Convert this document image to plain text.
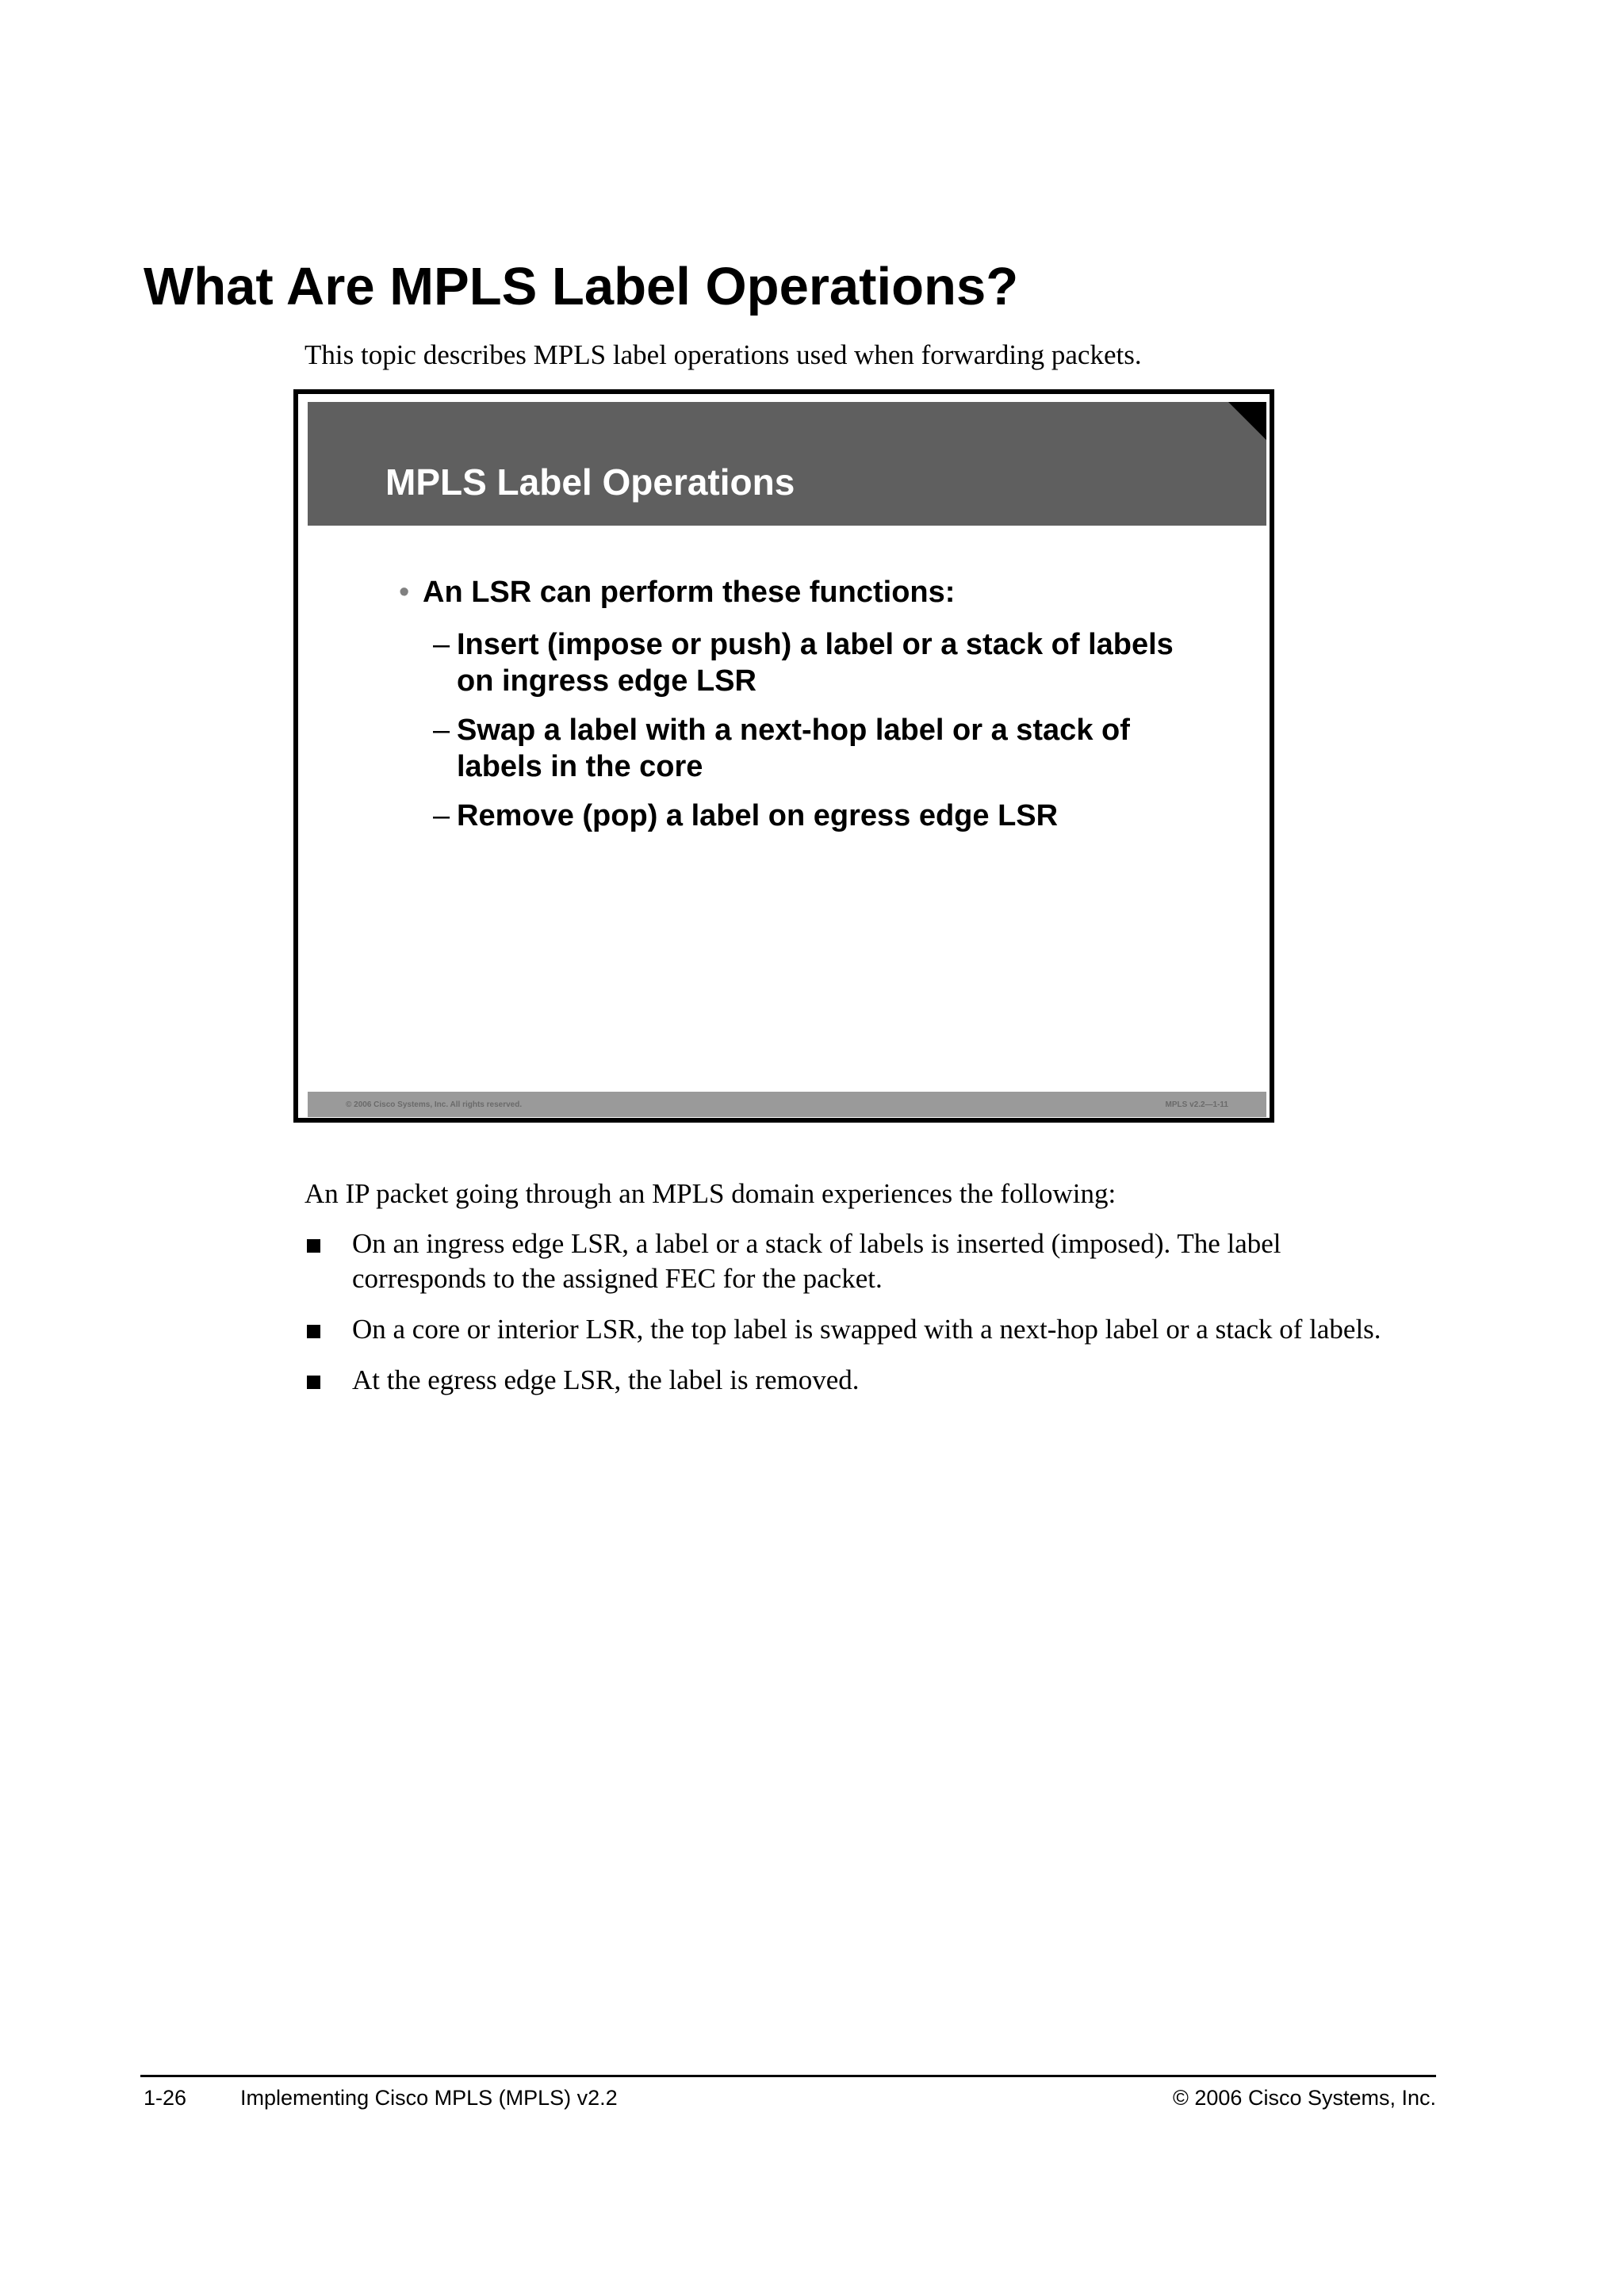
What Are MPLS Label Operations?
This topic describes MPLS label operations used when forwarding packets.
MPLS Label Operations
• An LSR can perform these functions:
– Insert (impose or push) a label or a stack of labels on ingress edge LSR
– Swap a label with a next-hop label or a stack of labels in the core
– Remove (pop) a label on egress edge LSR
© 2006 Cisco Systems, Inc. All rights reserved.	MPLS v2.2—1-11
An IP packet going through an MPLS domain experiences the following:
On an ingress edge LSR, a label or a stack of labels is inserted (imposed). The label corresponds to the assigned FEC for the packet.
On a core or interior LSR, the top label is swapped with a next-hop label or a stack of labels.
At the egress edge LSR, the label is removed.
1-26	Implementing Cisco MPLS (MPLS) v2.2	© 2006 Cisco Systems, Inc.
